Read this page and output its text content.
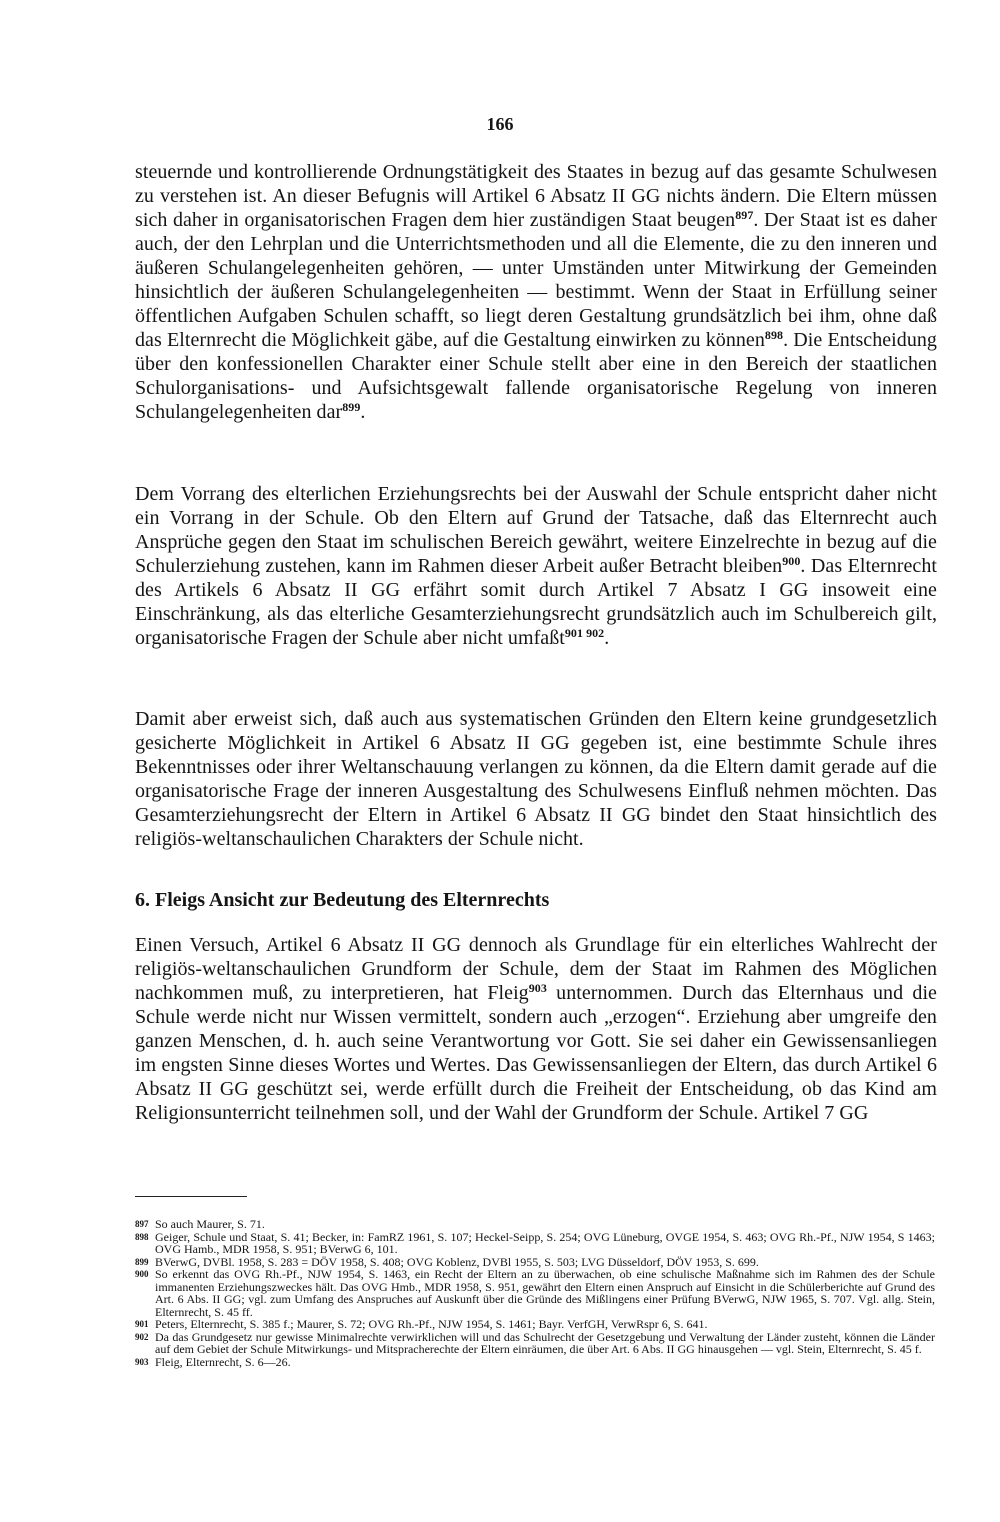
166

steuernde und kontrollierende Ordnungstätigkeit des Staates in bezug auf das gesamte Schulwesen zu verstehen ist. An dieser Befugnis will Artikel 6 Absatz II GG nichts ändern. Die Eltern müssen sich daher in organisatorischen Fragen dem hier zuständigen Staat beugen$^{897}$. Der Staat ist es daher auch, der den Lehrplan und die Unterrichtsmethoden und all die Elemente, die zu den inneren und äußeren Schulangelegenheiten gehören, — unter Umständen unter Mitwirkung der Gemeinden hinsichtlich der äußeren Schulangelegenheiten — bestimmt. Wenn der Staat in Erfüllung seiner öffentlichen Aufgaben Schulen schafft, so liegt deren Gestaltung grundsätzlich bei ihm, ohne daß das Elternrecht die Möglichkeit gäbe, auf die Gestaltung einwirken zu können$^{898}$. Die Entscheidung über den konfessionellen Charakter einer Schule stellt aber eine in den Bereich der staatlichen Schulorganisations- und Aufsichtsgewalt fallende organisatorische Regelung von inneren Schulangelegenheiten dar$^{899}$.

Dem Vorrang des elterlichen Erziehungsrechts bei der Auswahl der Schule entspricht daher nicht ein Vorrang in der Schule. Ob den Eltern auf Grund der Tatsache, daß das Elternrecht auch Ansprüche gegen den Staat im schulischen Bereich gewährt, weitere Einzelrechte in bezug auf die Schulerziehung zustehen, kann im Rahmen dieser Arbeit außer Betracht bleiben$^{900}$. Das Elternrecht des Artikels 6 Absatz II GG erfährt somit durch Artikel 7 Absatz I GG insoweit eine Einschränkung, als das elterliche Gesamterziehungsrecht grundsätzlich auch im Schulbereich gilt, organisatorische Fragen der Schule aber nicht umfaßt$^{901 902}$.

Damit aber erweist sich, daß auch aus systematischen Gründen den Eltern keine grundgesetzlich gesicherte Möglichkeit in Artikel 6 Absatz II GG gegeben ist, eine bestimmte Schule ihres Bekenntnisses oder ihrer Weltanschauung verlangen zu können, da die Eltern damit gerade auf die organisatorische Frage der inneren Ausgestaltung des Schulwesens Einfluß nehmen möchten. Das Gesamterziehungsrecht der Eltern in Artikel 6 Absatz II GG bindet den Staat hinsichtlich des religiös-weltanschaulichen Charakters der Schule nicht.

6. Fleigs Ansicht zur Bedeutung des Elternrechts

Einen Versuch, Artikel 6 Absatz II GG dennoch als Grundlage für ein elterliches Wahlrecht der religiös-weltanschaulichen Grundform der Schule, dem der Staat im Rahmen des Möglichen nachkommen muß, zu interpretieren, hat Fleig$^{903}$ unternommen. Durch das Elternhaus und die Schule werde nicht nur Wissen vermittelt, sondern auch „erzogen“. Erziehung aber umgreife den ganzen Menschen, d. h. auch seine Verantwortung vor Gott. Sie sei daher ein Gewissensanliegen im engsten Sinne dieses Wortes und Wertes. Das Gewissensanliegen der Eltern, das durch Artikel 6 Absatz II GG geschützt sei, werde erfüllt durch die Freiheit der Entscheidung, ob das Kind am Religionsunterricht teilnehmen soll, und der Wahl der Grundform der Schule. Artikel 7 GG

897 So auch Maurer, S. 71.
898 Geiger, Schule und Staat, S. 41; Becker, in: FamRZ 1961, S. 107; Heckel-Seipp, S. 254; OVG Lüneburg, OVGE 1954, S. 463; OVG Rh.-Pf., NJW 1954, S 1463; OVG Hamb., MDR 1958, S. 951; BVerwG 6, 101.
899 BVerwG, DVBl. 1958, S. 283 = DÖV 1958, S. 408; OVG Koblenz, DVBl 1955, S. 503; LVG Düsseldorf, DÖV 1953, S. 699.
900 So erkennt das OVG Rh.-Pf., NJW 1954, S. 1463, ein Recht der Eltern an zu überwachen, ob eine schulische Maßnahme sich im Rahmen des der Schule immanenten Erziehungszweckes hält. Das OVG Hmb., MDR 1958, S. 951, gewährt den Eltern einen Anspruch auf Einsicht in die Schülerberichte auf Grund des Art. 6 Abs. II GG; vgl. zum Umfang des Anspruches auf Auskunft über die Gründe des Mißlingens einer Prüfung BVerwG, NJW 1965, S. 707. Vgl. allg. Stein, Elternrecht, S. 45 ff.
901 Peters, Elternrecht, S. 385 f.; Maurer, S. 72; OVG Rh.-Pf., NJW 1954, S. 1461; Bayr. VerfGH, VerwRspr 6, S. 641.
902 Da das Grundgesetz nur gewisse Minimalrechte verwirklichen will und das Schulrecht der Gesetzgebung und Verwaltung der Länder zusteht, können die Länder auf dem Gebiet der Schule Mitwirkungs- und Mitspracherechte der Eltern einräumen, die über Art. 6 Abs. II GG hinausgehen — vgl. Stein, Elternrecht, S. 45 f.
903 Fleig, Elternrecht, S. 6—26.
